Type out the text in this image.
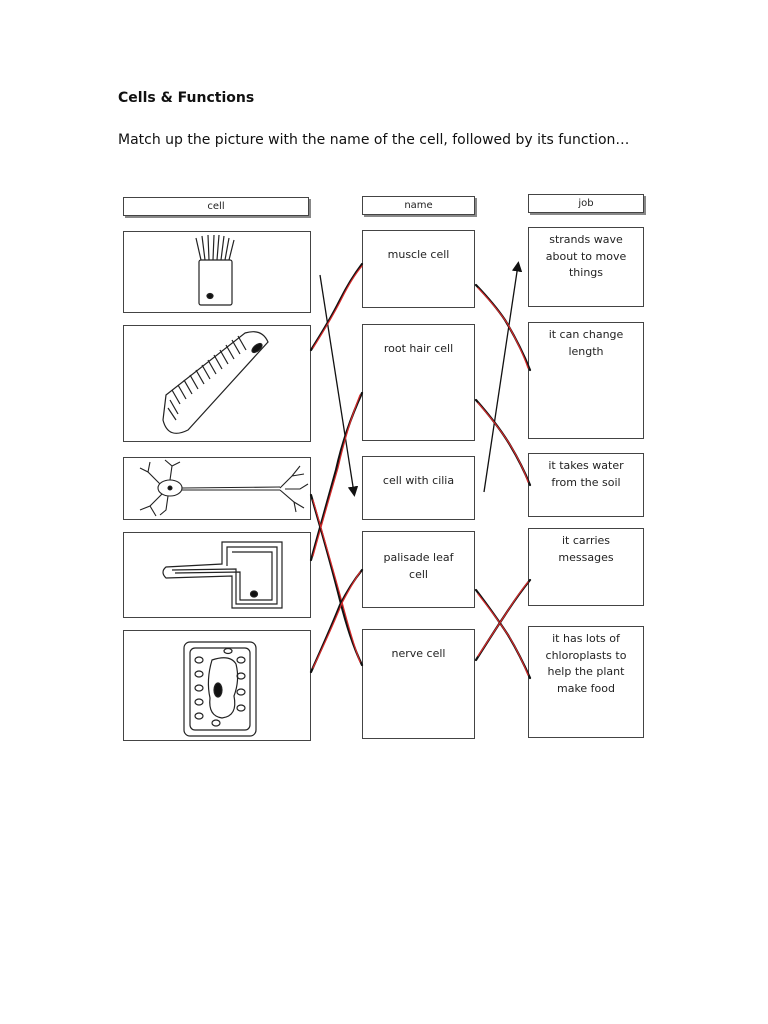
Cells & Functions
Match up the picture with the name of the cell, followed by its function…
cell	name	job
muscle cell
root hair cell
cell with cilia
palisade leaf
cell
nerve cell
strands wave
about to move
things
it can change
length
it takes water
from the soil
it carries
messages
it has lots of
chloroplasts to
help the plant
make food
